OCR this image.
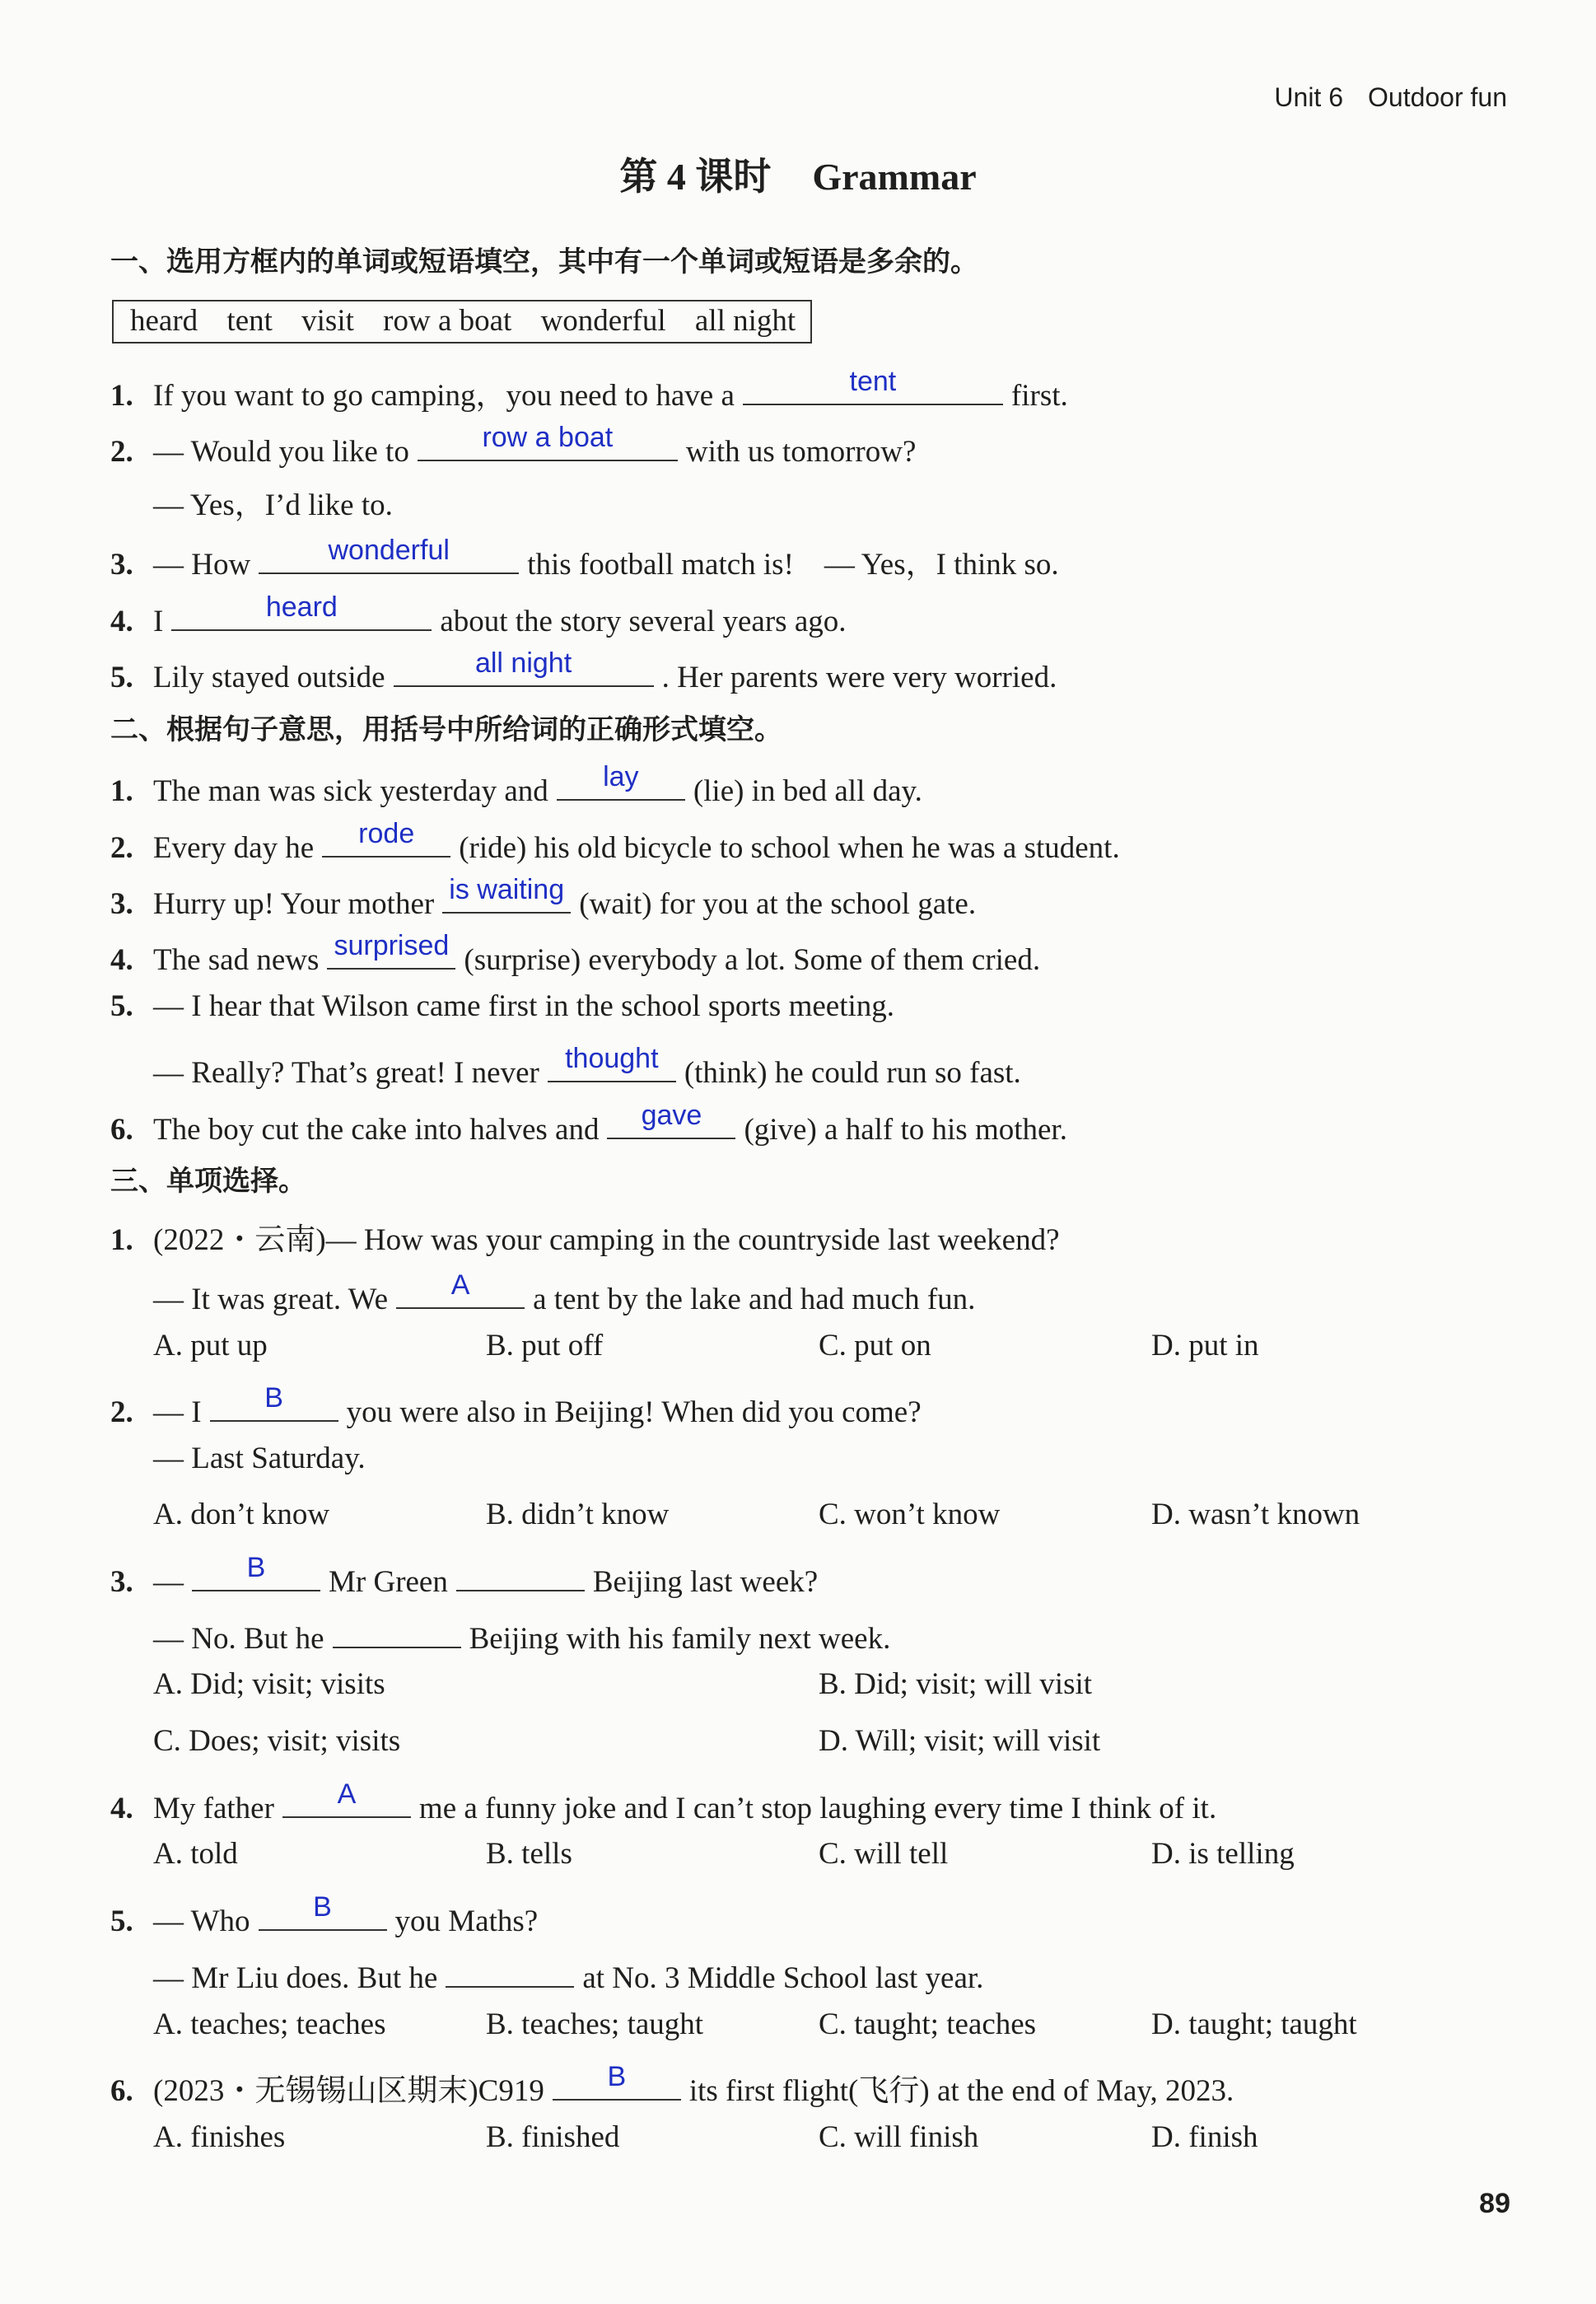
Unit 6 Outdoor fun
第 4 课时 Grammar
一、选用方框内的单词或短语填空，其中有一个单词或短语是多余的。
heard tent visit row a boat wonderful all night
1. If you want to go camping，you need to have a	tent	first.
2. — Would you like to	row a boat	with us tomorrow?
— Yes，I’d like to.
3. — How	wonderful	this football match is!　— Yes，I think so.
4. I	heard	about the story several years ago.
5. Lily stayed outside	all night	. Her parents were very worried.
二、根据句子意思，用括号中所给词的正确形式填空。
1. The man was sick yesterday and	lay	(lie) in bed all day.
2. Every day he	rode	(ride) his old bicycle to school when he was a student.
3. Hurry up! Your mother is waiting (wait) for you at the school gate.
4. The sad news surprised (surprise) everybody a lot. Some of them cried.
5. — I hear that Wilson came first in the school sports meeting.
— Really? That’s great! I never thought (think) he could run so fast.
6. The boy cut the cake into halves and	gave	(give) a half to his mother.
三、单项选择。
1. (2022・云南)— How was your camping in the countryside last weekend?
— It was great. We	A	a tent by the lake and had much fun.
A. put up	B. put off	C. put on	D. put in
2. — I	B	you were also in Beijing! When did you come?
— Last Saturday.
A. don’t know	B. didn’t know	C. won’t know	D. wasn’t known
3. —	B	Mr Green	Beijing last week?
— No. But he	Beijing with his family next week.
A. Did; visit; visits	B. Did; visit; will visit
C. Does; visit; visits	D. Will; visit; will visit
4. My father	A	me a funny joke and I can’t stop laughing every time I think of it.
A. told	B. tells	C. will tell	D. is telling
5. — Who	B	you Maths?
— Mr Liu does. But he	at No. 3 Middle School last year.
A. teaches; teaches	B. teaches; taught	C. taught; teaches	D. taught; taught
6. (2023・无锡锡山区期末)C919	B	its first flight(飞行) at the end of May, 2023.
A. finishes	B. finished	C. will finish	D. finish
89
